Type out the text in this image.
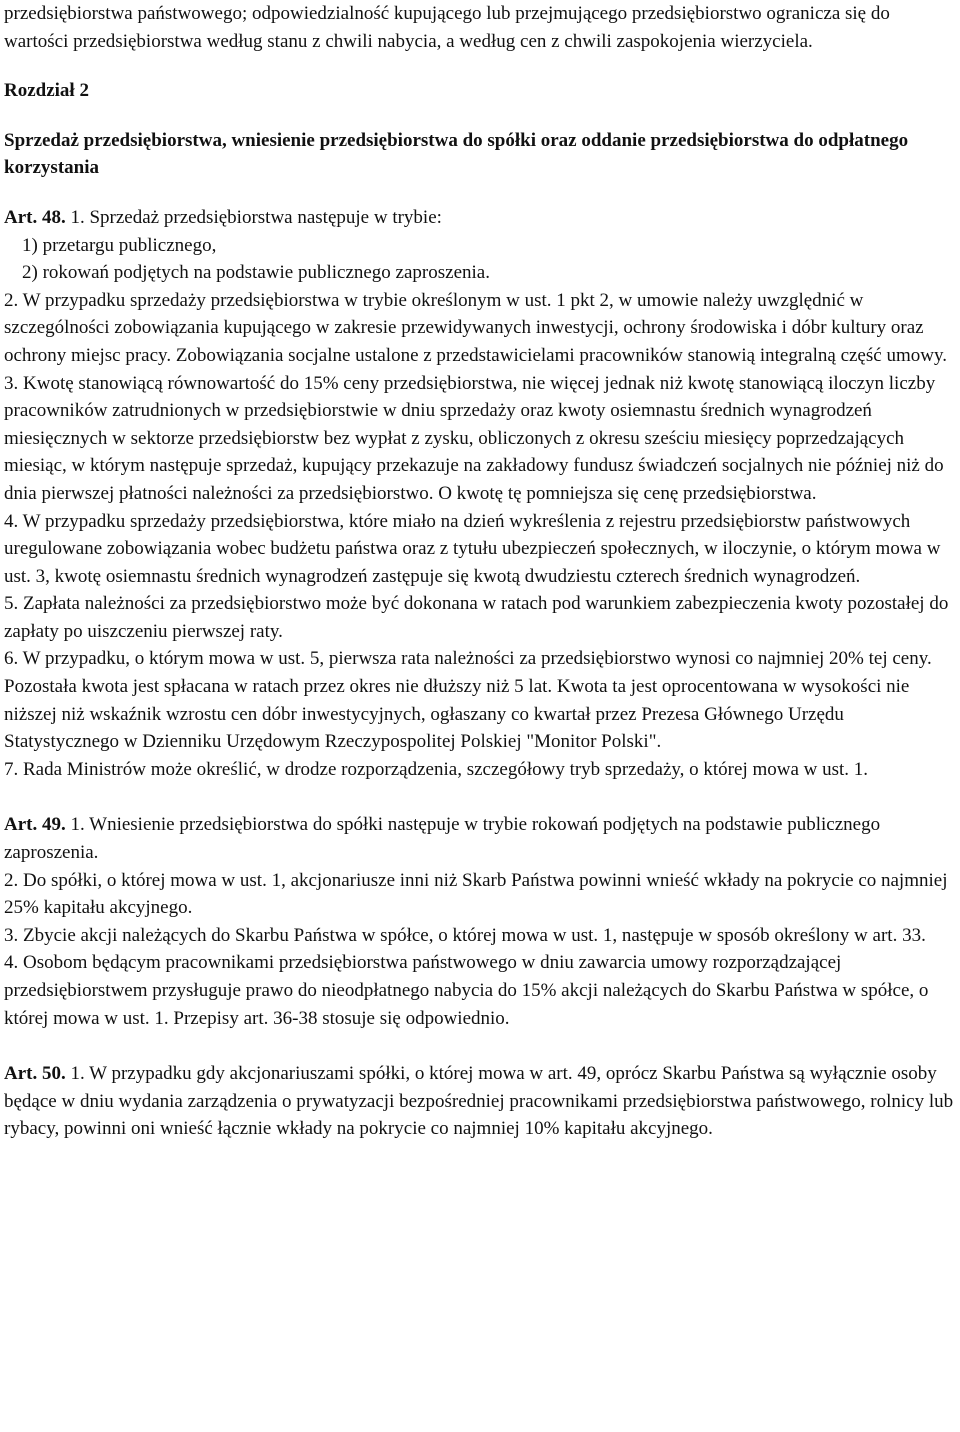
przedsiębiorstwa państwowego; odpowiedzialność kupującego lub przejmującego przedsiębiorstwo ogranicza się do wartości przedsiębiorstwa według stanu z chwili nabycia, a według cen z chwili zaspokojenia wierzyciela.

Rozdział 2

Sprzedaż przedsiębiorstwa, wniesienie przedsiębiorstwa do spółki oraz oddanie przedsiębiorstwa do odpłatnego korzystania

Art. 48. 1. Sprzedaż przedsiębiorstwa następuje w trybie:

1) przetargu publicznego,

2) rokowań podjętych na podstawie publicznego zaproszenia.

2. W przypadku sprzedaży przedsiębiorstwa w trybie określonym w ust. 1 pkt 2, w umowie należy uwzględnić w szczególności zobowiązania kupującego w zakresie przewidywanych inwestycji, ochrony środowiska i dóbr kultury oraz ochrony miejsc pracy. Zobowiązania socjalne ustalone z przedstawicielami pracowników stanowią integralną część umowy.

3. Kwotę stanowiącą równowartość do 15% ceny przedsiębiorstwa, nie więcej jednak niż kwotę stanowiącą iloczyn liczby pracowników zatrudnionych w przedsiębiorstwie w dniu sprzedaży oraz kwoty osiemnastu średnich wynagrodzeń miesięcznych w sektorze przedsiębiorstw bez wypłat z zysku, obliczonych z okresu sześciu miesięcy poprzedzających miesiąc, w którym następuje sprzedaż, kupujący przekazuje na zakładowy fundusz świadczeń socjalnych nie później niż do dnia pierwszej płatności należności za przedsiębiorstwo. O kwotę tę pomniejsza się cenę przedsiębiorstwa.

4. W przypadku sprzedaży przedsiębiorstwa, które miało na dzień wykreślenia z rejestru przedsiębiorstw państwowych uregulowane zobowiązania wobec budżetu państwa oraz z tytułu ubezpieczeń społecznych, w iloczynie, o którym mowa w ust. 3, kwotę osiemnastu średnich wynagrodzeń zastępuje się kwotą dwudziestu czterech średnich wynagrodzeń.

5. Zapłata należności za przedsiębiorstwo może być dokonana w ratach pod warunkiem zabezpieczenia kwoty pozostałej do zapłaty po uiszczeniu pierwszej raty.

6. W przypadku, o którym mowa w ust. 5, pierwsza rata należności za przedsiębiorstwo wynosi co najmniej 20% tej ceny. Pozostała kwota jest spłacana w ratach przez okres nie dłuższy niż 5 lat. Kwota ta jest oprocentowana w wysokości nie niższej niż wskaźnik wzrostu cen dóbr inwestycyjnych, ogłaszany co kwartał przez Prezesa Głównego Urzędu Statystycznego w Dzienniku Urzędowym Rzeczypospolitej Polskiej "Monitor Polski".

7. Rada Ministrów może określić, w drodze rozporządzenia, szczegółowy tryb sprzedaży, o której mowa w ust. 1.

Art. 49. 1. Wniesienie przedsiębiorstwa do spółki następuje w trybie rokowań podjętych na podstawie publicznego zaproszenia.

2. Do spółki, o której mowa w ust. 1, akcjonariusze inni niż Skarb Państwa powinni wnieść wkłady na pokrycie co najmniej 25% kapitału akcyjnego.

3. Zbycie akcji należących do Skarbu Państwa w spółce, o której mowa w ust. 1, następuje w sposób określony w art. 33.

4. Osobom będącym pracownikami przedsiębiorstwa państwowego w dniu zawarcia umowy rozporządzającej przedsiębiorstwem przysługuje prawo do nieodpłatnego nabycia do 15% akcji należących do Skarbu Państwa w spółce, o której mowa w ust. 1. Przepisy art. 36-38 stosuje się odpowiednio.

Art. 50. 1. W przypadku gdy akcjonariuszami spółki, o której mowa w art. 49, oprócz Skarbu Państwa są wyłącznie osoby będące w dniu wydania zarządzenia o prywatyzacji bezpośredniej pracownikami przedsiębiorstwa państwowego, rolnicy lub rybacy, powinni oni wnieść łącznie wkłady na pokrycie co najmniej 10% kapitału akcyjnego.
